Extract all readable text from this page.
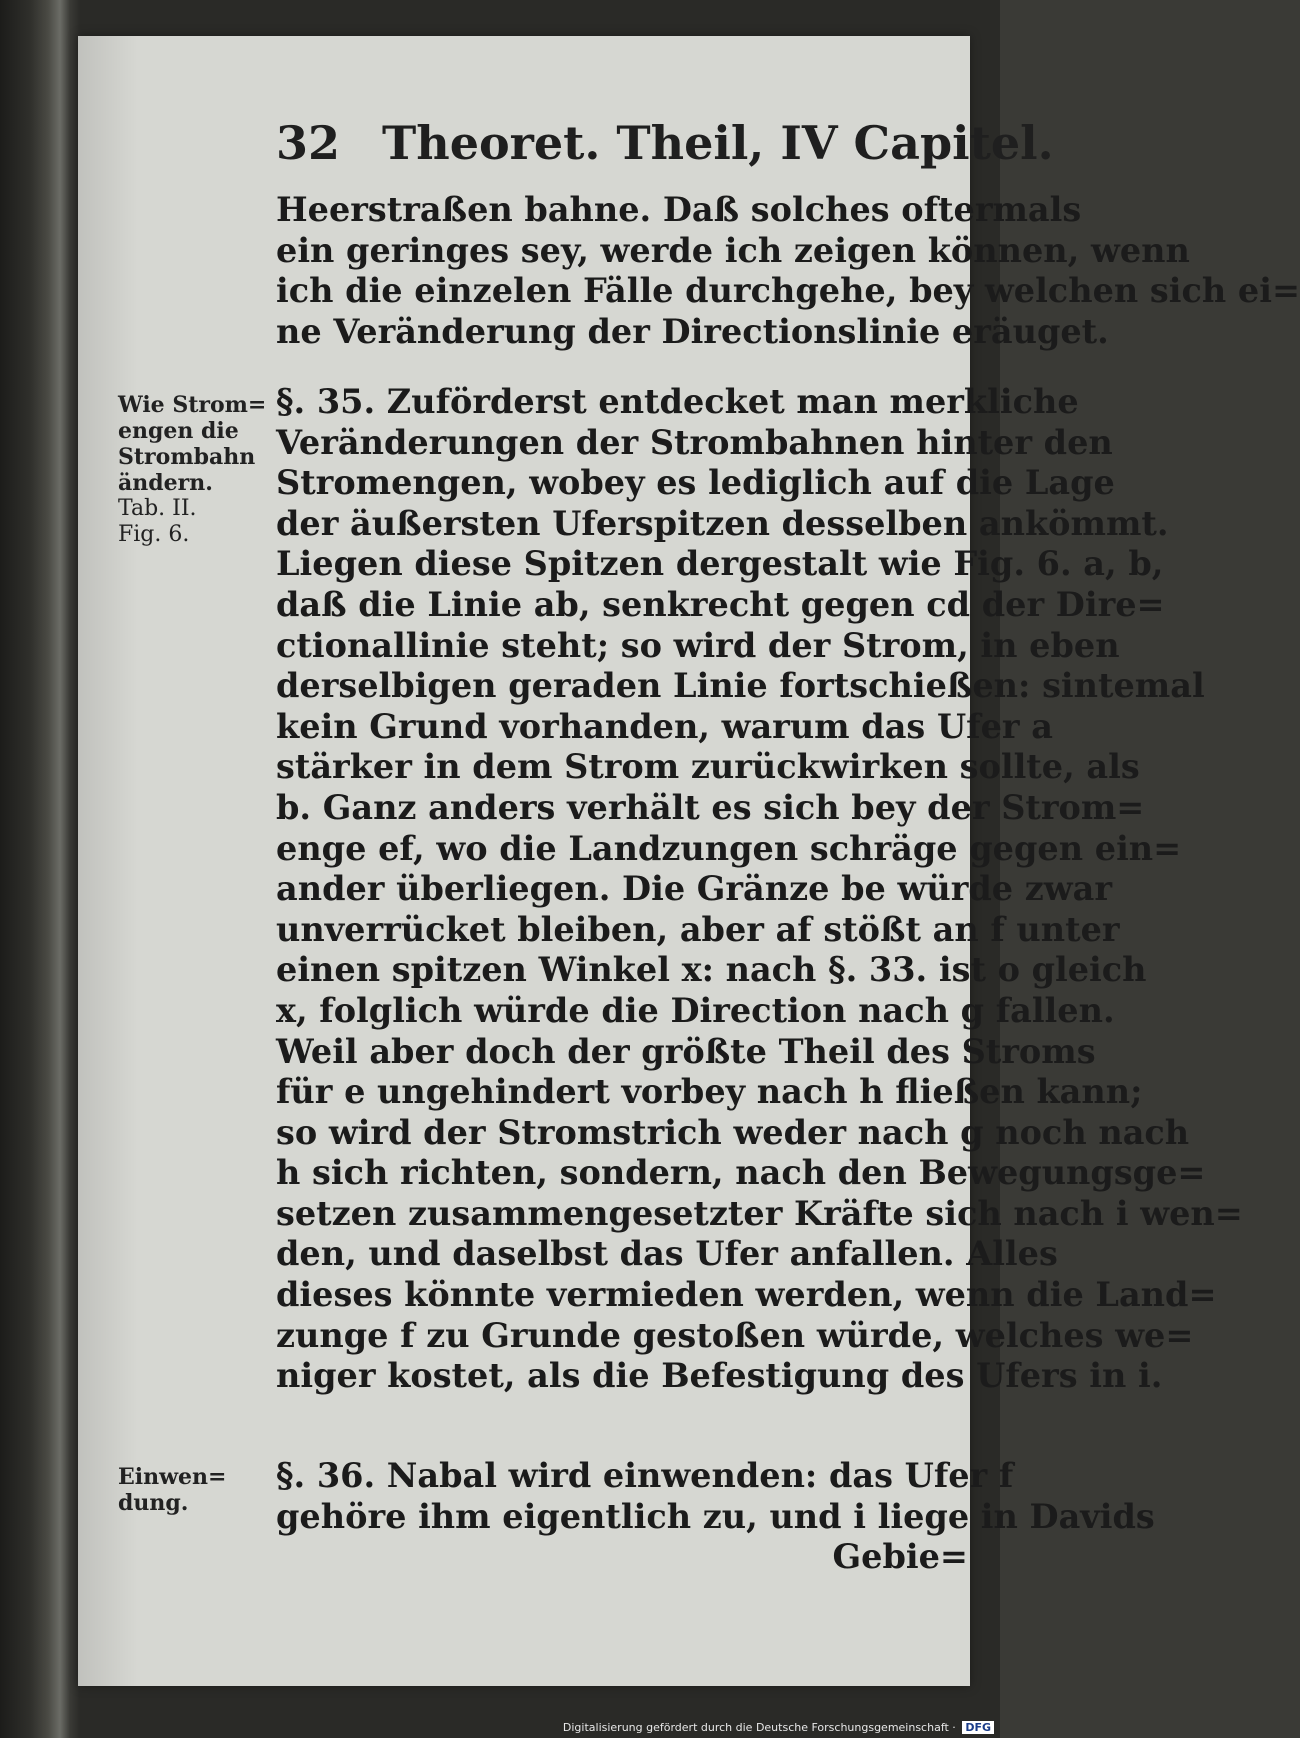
32 Theoret. Theil, IV Capitel.
Wie Strom=
engen die
Strombahn
ändern.
Tab. II.
Fig. 6.
Einwen=
dung.
Heerstraßen bahne. Daß solches oftermals
ein geringes sey, werde ich zeigen können, wenn
ich die einzelen Fälle durchgehe, bey welchen sich ei=
ne Veränderung der Directionslinie eräuget.
§. 35. Zuförderst entdecket man merkliche
Veränderungen der Strombahnen hinter den
Stromengen, wobey es lediglich auf die Lage
der äußersten Uferspitzen desselben ankömmt.
Liegen diese Spitzen dergestalt wie Fig. 6. a, b,
daß die Linie ab, senkrecht gegen cd der Dire=
ctionallinie steht; so wird der Strom, in eben
derselbigen geraden Linie fortschießen: sintemal
kein Grund vorhanden, warum das Ufer a
stärker in dem Strom zurückwirken sollte, als
b. Ganz anders verhält es sich bey der Strom=
enge ef, wo die Landzungen schräge gegen ein=
ander überliegen. Die Gränze be würde zwar
unverrücket bleiben, aber af stößt an f unter
einen spitzen Winkel x: nach §. 33. ist o gleich
x, folglich würde die Direction nach g fallen.
Weil aber doch der größte Theil des Stroms
für e ungehindert vorbey nach h fließen kann;
so wird der Stromstrich weder nach g noch nach
h sich richten, sondern, nach den Bewegungsge=
setzen zusammengesetzter Kräfte sich nach i wen=
den, und daselbst das Ufer anfallen. Alles
dieses könnte vermieden werden, wenn die Land=
zunge f zu Grunde gestoßen würde, welches we=
niger kostet, als die Befestigung des Ufers in i.
§. 36. Nabal wird einwenden: das Ufer f
gehöre ihm eigentlich zu, und i liege in Davids
Gebie=
Digitalisierung gefördert durch die Deutsche Forschungsgemeinschaft · DFG
